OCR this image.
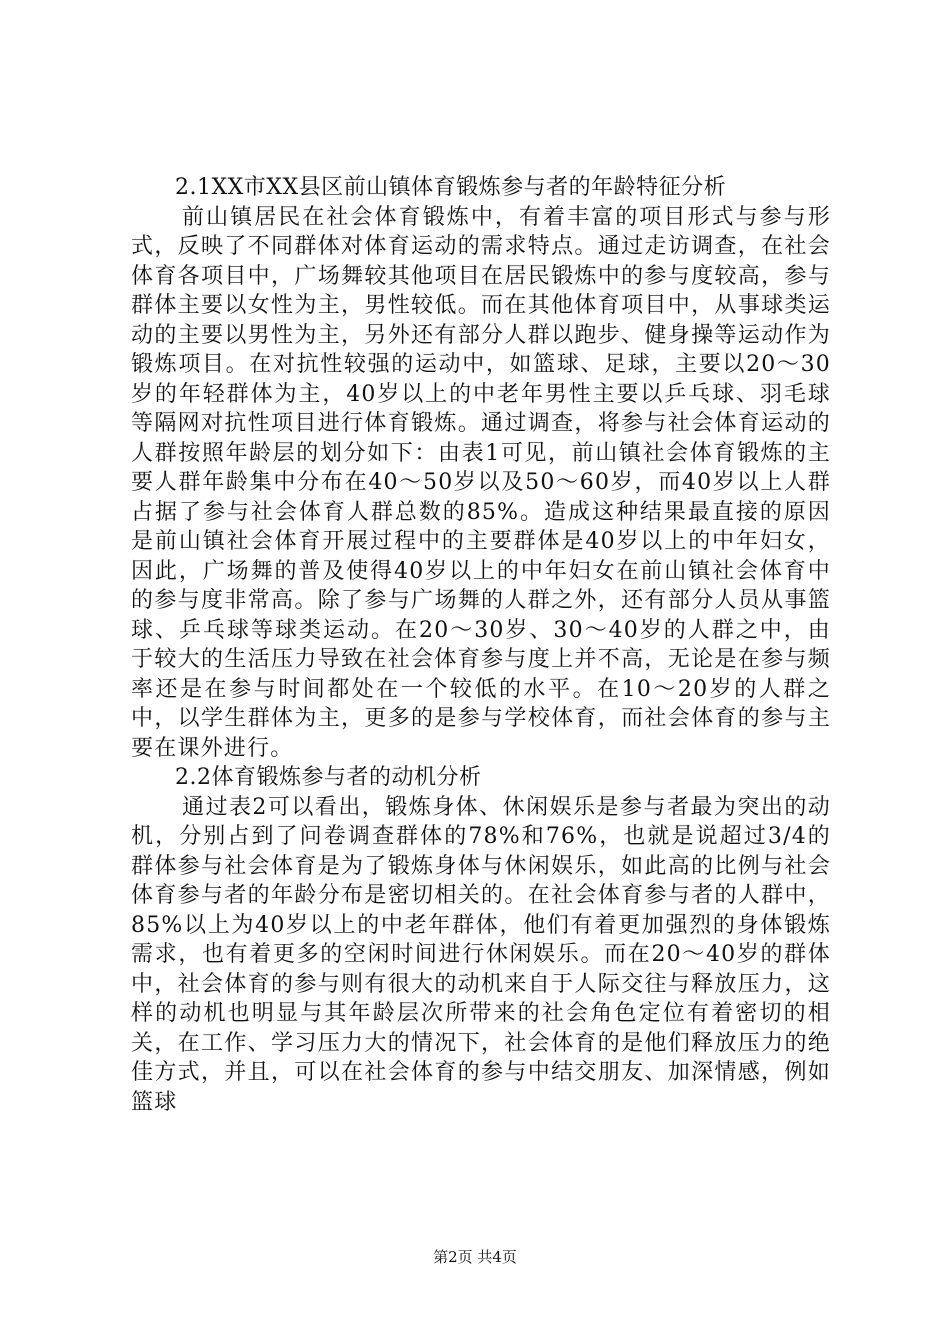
2.1XX市XX县区前山镇体育锻炼参与者的年龄特征分析

前山镇居民在社会体育锻炼中，有着丰富的项目形式与参与形式，反映了不同群体对体育运动的需求特点。通过走访调查，在社会体育各项目中，广场舞较其他项目在居民锻炼中的参与度较高，参与群体主要以女性为主，男性较低。而在其他体育项目中，从事球类运动的主要以男性为主，另外还有部分人群以跑步、健身操等运动作为锻炼项目。在对抗性较强的运动中，如篮球、足球，主要以20～30岁的年轻群体为主，40岁以上的中老年男性主要以乒乓球、羽毛球等隔网对抗性项目进行体育锻炼。通过调查，将参与社会体育运动的人群按照年龄层的划分如下：由表1可见，前山镇社会体育锻炼的主要人群年龄集中分布在40～50岁以及50～60岁，而40岁以上人群占据了参与社会体育人群总数的85%。造成这种结果最直接的原因是前山镇社会体育开展过程中的主要群体是40岁以上的中年妇女，因此，广场舞的普及使得40岁以上的中年妇女在前山镇社会体育中的参与度非常高。除了参与广场舞的人群之外，还有部分人员从事篮球、乒乓球等球类运动。在20～30岁、30～40岁的人群之中，由于较大的生活压力导致在社会体育参与度上并不高，无论是在参与频率还是在参与时间都处在一个较低的水平。在10～20岁的人群之中，以学生群体为主，更多的是参与学校体育，而社会体育的参与主要在课外进行。

2.2体育锻炼参与者的动机分析

通过表2可以看出，锻炼身体、休闲娱乐是参与者最为突出的动机，分别占到了问卷调查群体的78%和76%，也就是说超过3/4的群体参与社会体育是为了锻炼身体与休闲娱乐，如此高的比例与社会体育参与者的年龄分布是密切相关的。在社会体育参与者的人群中，85%以上为40岁以上的中老年群体，他们有着更加强烈的身体锻炼需求，也有着更多的空闲时间进行休闲娱乐。而在20～40岁的群体中，社会体育的参与则有很大的动机来自于人际交往与释放压力，这样的动机也明显与其年龄层次所带来的社会角色定位有着密切的相关，在工作、学习压力大的情况下，社会体育的是他们释放压力的绝佳方式，并且，可以在社会体育的参与中结交朋友、加深情感，例如篮球

第2页 共4页
